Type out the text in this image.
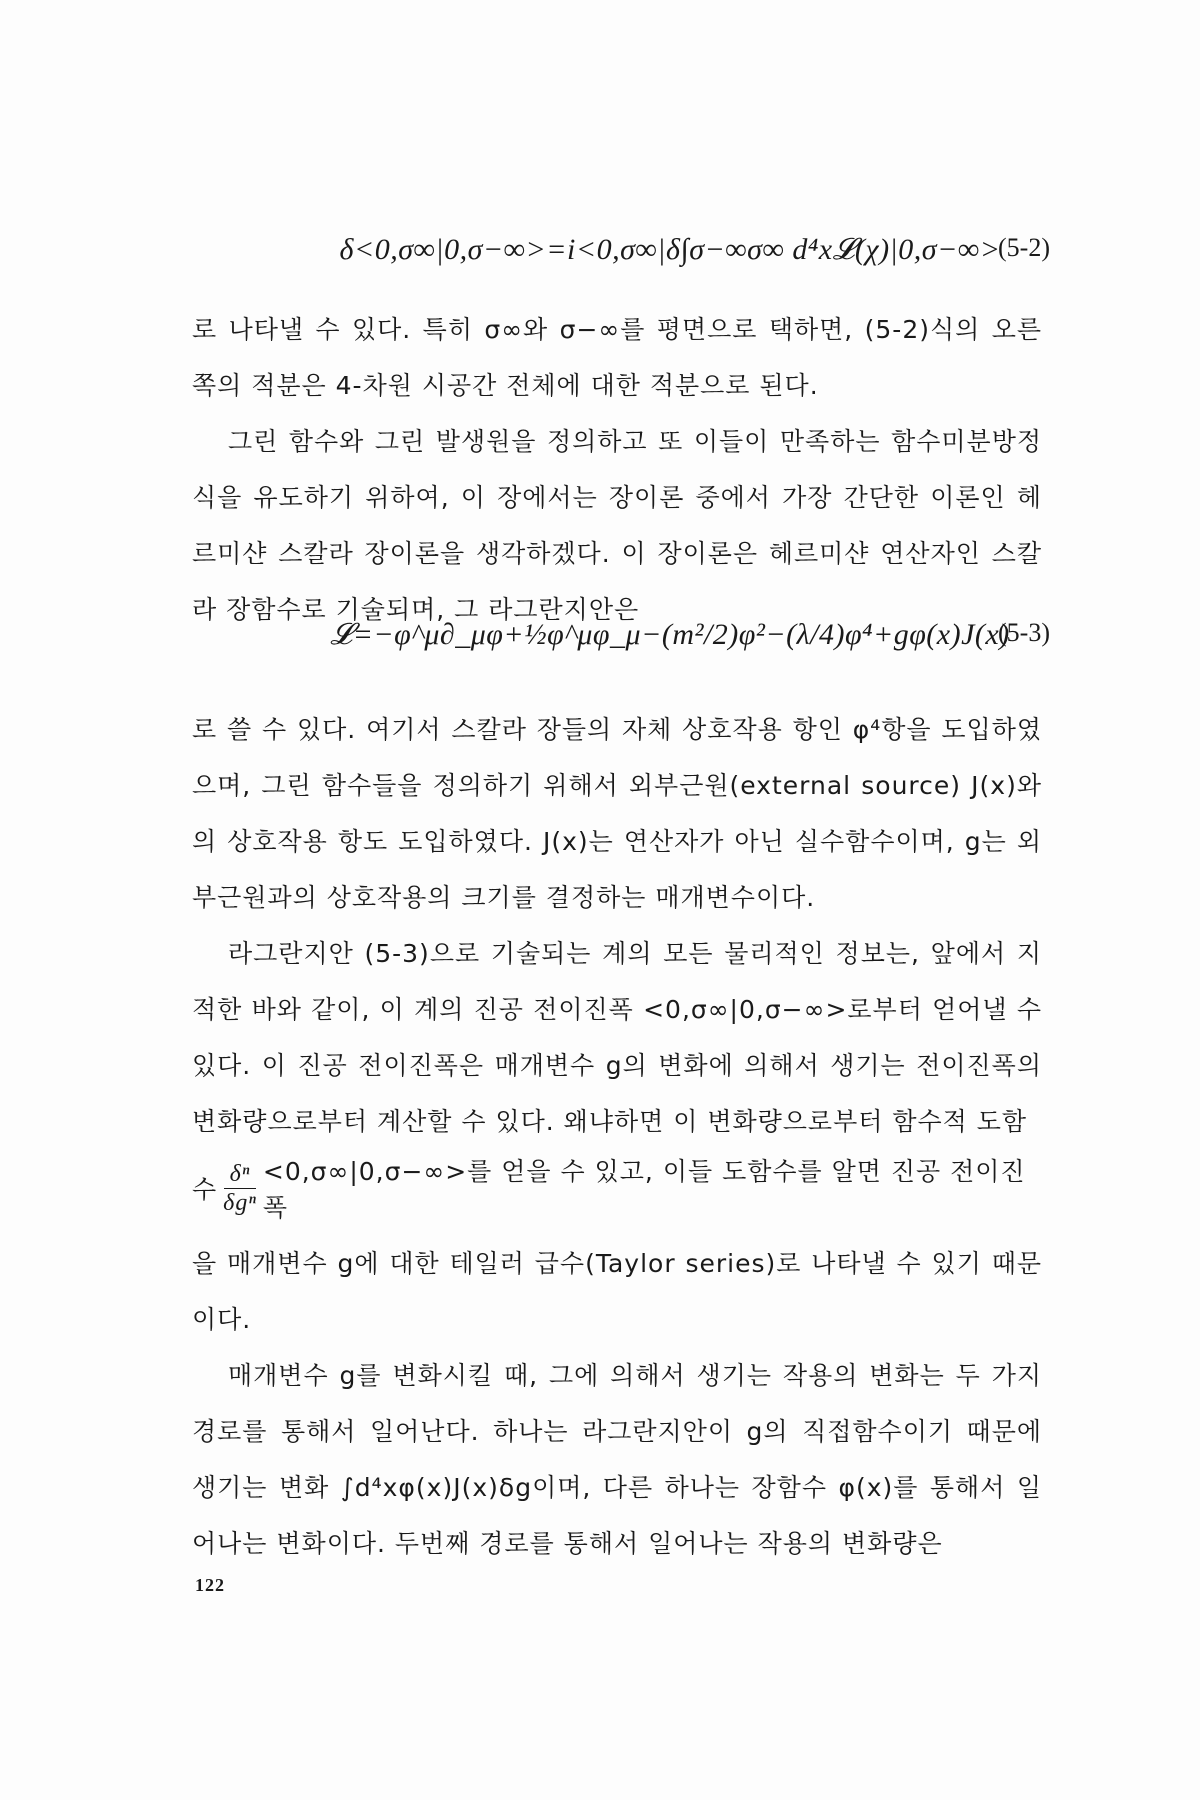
δ<0,σ∞|0,σ−∞>=i<0,σ∞|δ∫σ−∞σ∞ d⁴x𝓛(χ)|0,σ−∞>
(5-2)
로 나타낼 수 있다. 특히 σ∞와 σ−∞를 평면으로 택하면, (5-2)식의 오른쪽의 적분은 4-차원 시공간 전체에 대한 적분으로 된다.
그린 함수와 그린 발생원을 정의하고 또 이들이 만족하는 함수미분방정식을 유도하기 위하여, 이 장에서는 장이론 중에서 가장 간단한 이론인 헤르미샨 스칼라 장이론을 생각하겠다. 이 장이론은 헤르미샨 연산자인 스칼라 장함수로 기술되며, 그 라그란지안은
𝓛=−φ^μ∂_μφ+½φ^μφ_μ−(m²/2)φ²−(λ/4)φ⁴+gφ(x)J(x)
(5-3)
로 쓸 수 있다. 여기서 스칼라 장들의 자체 상호작용 항인 φ⁴항을 도입하였으며, 그린 함수들을 정의하기 위해서 외부근원(external source) J(x)와의 상호작용 항도 도입하였다. J(x)는 연산자가 아닌 실수함수이며, g는 외부근원과의 상호작용의 크기를 결정하는 매개변수이다.
라그란지안 (5-3)으로 기술되는 계의 모든 물리적인 정보는, 앞에서 지적한 바와 같이, 이 계의 진공 전이진폭 <0,σ∞|0,σ−∞>로부터 얻어낼 수 있다. 이 진공 전이진폭은 매개변수 g의 변화에 의해서 생기는 전이진폭의 변화량으로부터 계산할 수 있다. 왜냐하면 이 변화량으로부터 함수적 도함
수 $\frac{\text{δⁿ}}{\text{δgⁿ}} <0,\sigma\infty|0,\sigma-\infty>$를 얻을 수 있고, 이들 도함수를 알면 진공 전이진폭
을 매개변수 g에 대한 테일러 급수(Taylor series)로 나타낼 수 있기 때문이다.
매개변수 g를 변화시킬 때, 그에 의해서 생기는 작용의 변화는 두 가지 경로를 통해서 일어난다. 하나는 라그란지안이 g의 직접함수이기 때문에 생기는 변화 ∫d⁴xφ(x)J(x)δg이며, 다른 하나는 장함수 φ(x)를 통해서 일어나는 변화이다. 두번째 경로를 통해서 일어나는 작용의 변화량은
122
